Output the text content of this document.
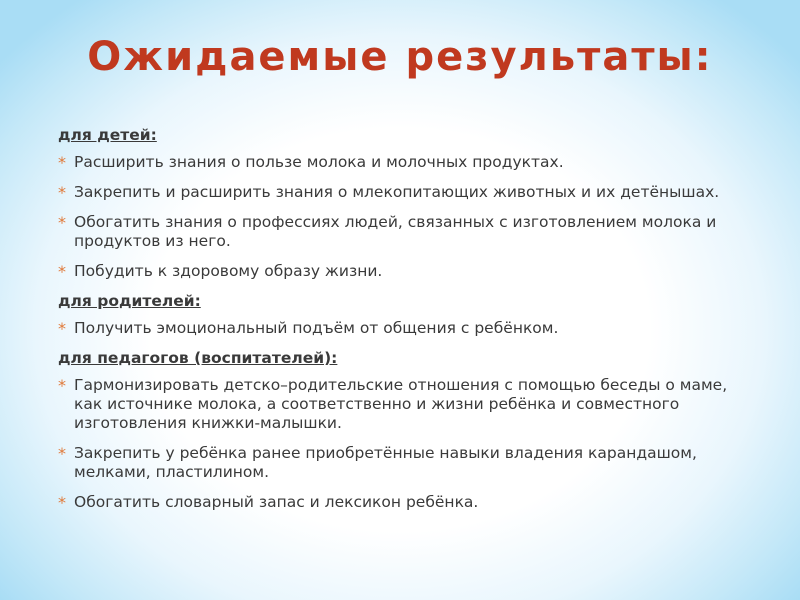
Ожидаемые результаты:
для детей:
* Расширить знания о пользе молока и молочных продуктах.
* Закрепить и расширить знания о млекопитающих животных и их детёнышах.
* Обогатить знания о профессиях людей, связанных с изготовлением молока и продуктов из него.
* Побудить к здоровому образу жизни.
для родителей:
* Получить эмоциональный подъём от общения с ребёнком.
для педагогов (воспитателей):
* Гармонизировать детско–родительские отношения с помощью беседы о маме, как источнике молока, а соответственно и жизни ребёнка и совместного изготовления книжки-малышки.
* Закрепить у ребёнка ранее приобретённые навыки владения карандашом, мелками, пластилином.
* Обогатить словарный запас и лексикон ребёнка.
